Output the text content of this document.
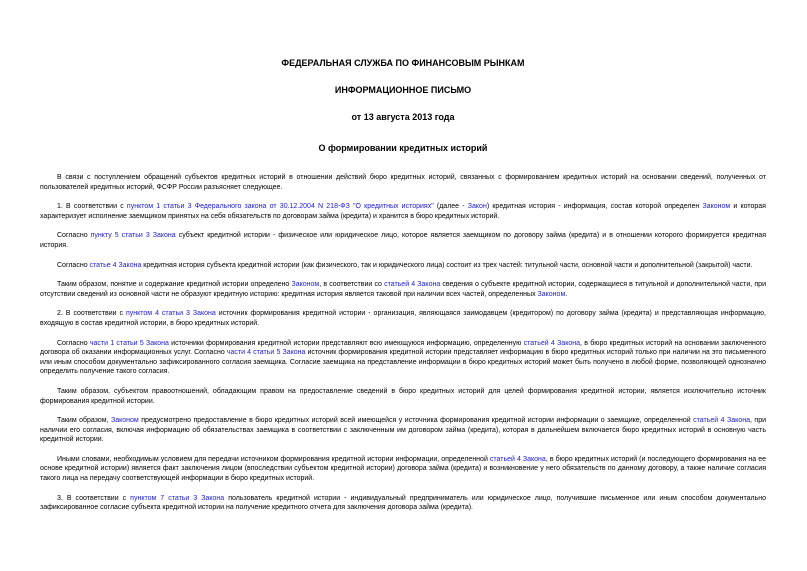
ФЕДЕРАЛЬНАЯ СЛУЖБА ПО ФИНАНСОВЫМ РЫНКАМ

ИНФОРМАЦИОННОЕ ПИСЬМО

от 13 августа 2013 года

О формировании кредитных историй

В связи с поступлением обращений субъектов кредитных историй в отношении действий бюро кредитных историй, связанных с формированием кредитных историй на основании сведений, полученных от пользователей кредитных историй, ФСФР России разъясняет следующее.

1. В соответствии с пунктом 1 статьи 3 Федерального закона от 30.12.2004 N 218-ФЗ "О кредитных историях" (далее - Закон) кредитная история - информация, состав которой определен Законом и которая характеризует исполнение заемщиком принятых на себя обязательств по договорам займа (кредита) и хранится в бюро кредитных историй.

Согласно пункту 5 статьи 3 Закона субъект кредитной истории - физическое или юридическое лицо, которое является заемщиком по договору займа (кредита) и в отношении которого формируется кредитная история.

Согласно статье 4 Закона кредитная история субъекта кредитной истории (как физического, так и юридического лица) состоит из трех частей: титульной части, основной части и дополнительной (закрытой) части.

Таким образом, понятие и содержание кредитной истории определено Законом, в соответствии со статьей 4 Закона сведения о субъекте кредитной истории, содержащиеся в титульной и дополнительной части, при отсутствии сведений из основной части не образуют кредитную историю: кредитная история является таковой при наличии всех частей, определенных Законом.

2. В соответствии с пунктом 4 статьи 3 Закона источник формирования кредитной истории - организация, являющаяся заимодавцем (кредитором) по договору займа (кредита) и представляющая информацию, входящую в состав кредитной истории, в бюро кредитных историй.

Согласно части 1 статьи 5 Закона источники формирования кредитной истории представляют всю имеющуюся информацию, определенную статьей 4 Закона, в бюро кредитных историй на основании заключенного договора об оказании информационных услуг. Согласно части 4 статьи 5 Закона источник формирования кредитной истории представляет информацию в бюро кредитных историй только при наличии на это письменного или иным способом документально зафиксированного согласия заемщика. Согласие заемщика на представление информации в бюро кредитных историй может быть получено в любой форме, позволяющей однозначно определить получение такого согласия.

Таким образом, субъектом правоотношений, обладающим правом на предоставление сведений в бюро кредитных историй для целей формирования кредитной истории, является исключительно источник формирования кредитной истории.

Таким образом, Законом предусмотрено предоставление в бюро кредитных историй всей имеющейся у источника формирования кредитной истории информации о заемщике, определенной статьей 4 Закона, при наличии его согласия, включая информацию об обязательствах заемщика в соответствии с заключенным им договором займа (кредита), которая в дальнейшем включается бюро кредитных историй в основную часть кредитной истории.

Иными словами, необходимым условием для передачи источником формирования кредитной истории информации, определенной статьей 4 Закона, в бюро кредитных историй (и последующего формирования на ее основе кредитной истории) является факт заключения лицом (впоследствии субъектом кредитной истории) договора займа (кредита) и возникновение у него обязательств по данному договору, а также наличие согласия такого лица на передачу соответствующей информации в бюро кредитных историй.

3. В соответствии с пунктом 7 статьи 3 Закона пользователь кредитной истории - индивидуальный предприниматель или юридическое лицо, получившие письменное или иным способом документально зафиксированное согласие субъекта кредитной истории на получение кредитного отчета для заключения договора займа (кредита).
